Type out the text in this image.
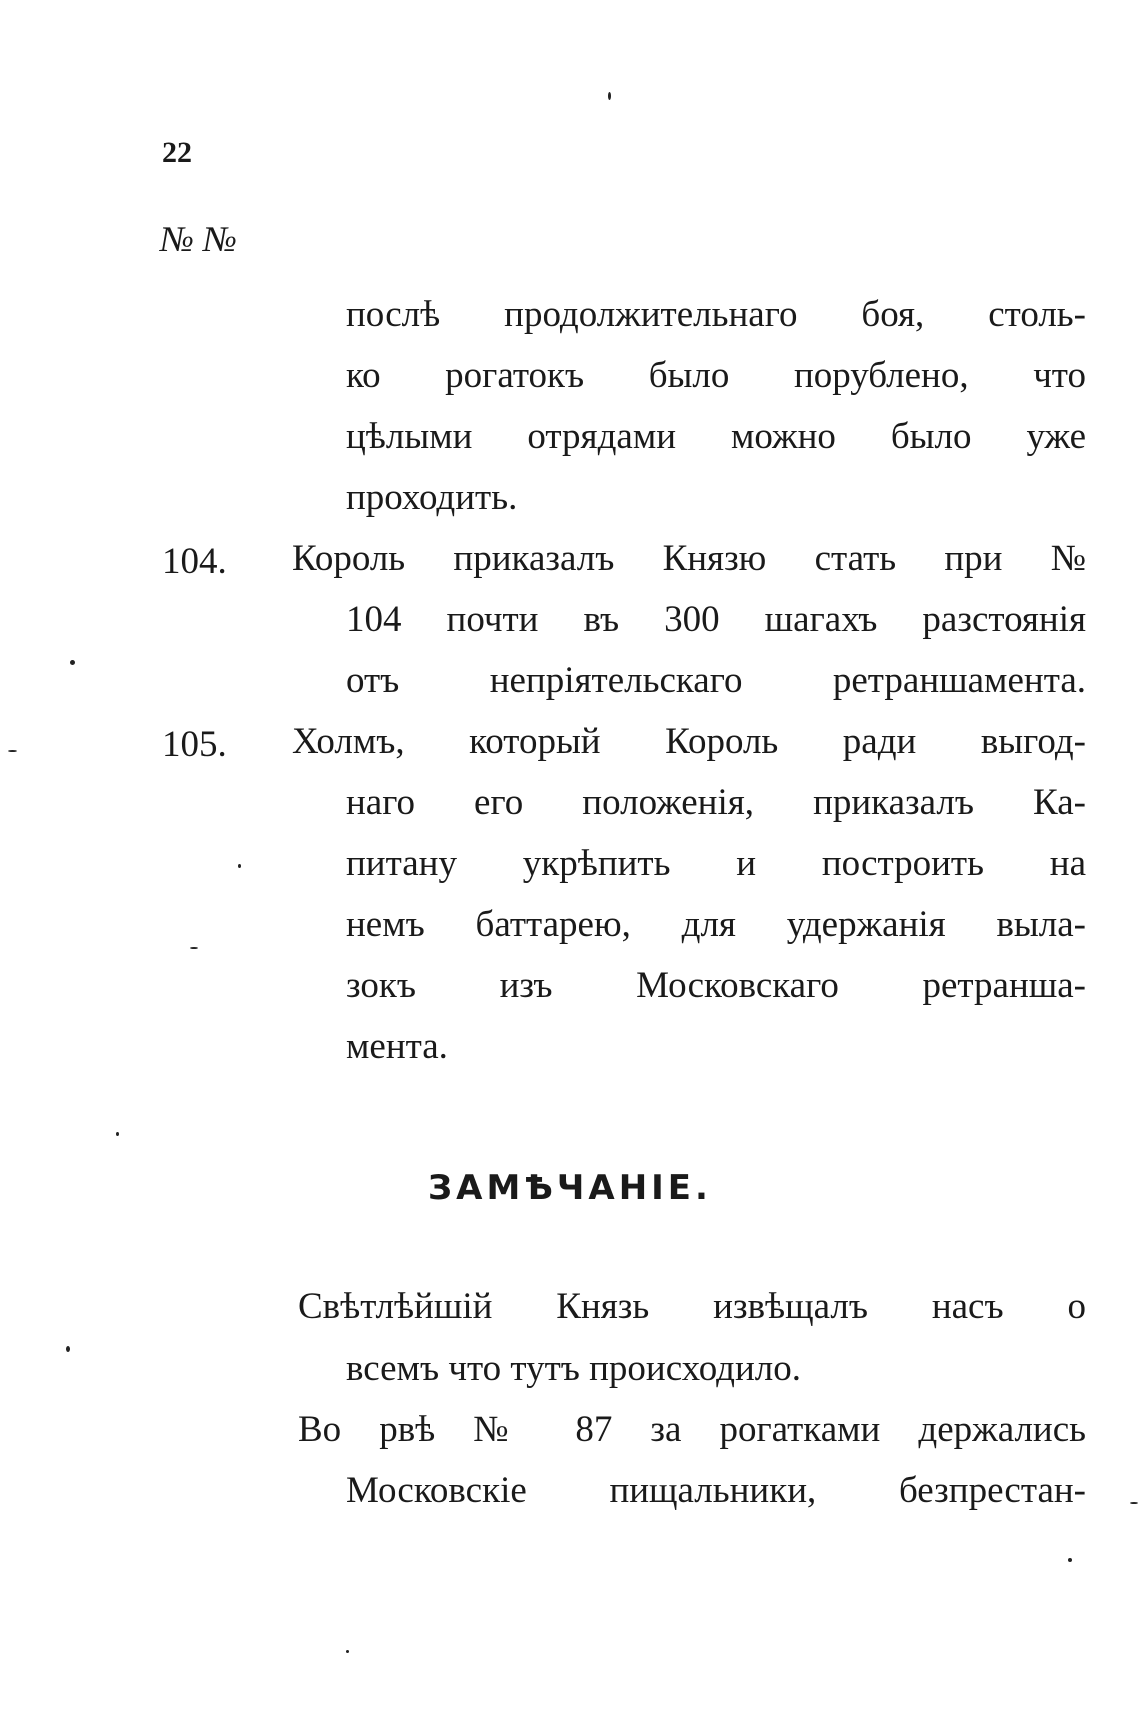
22
№ №
послѣ продолжительнаго боя, столь-
ко рогатокъ было порублено, что
цѣлыми отрядами можно было уже
проходить.
104. Король приказалъ Князю стать при №
104 почти въ 300 шагахъ разстоянія
отъ непріятельскаго ретраншамента.
105. Холмъ, который Король ради выгод-
наго его положенія, приказалъ Ка-
питану укрѣпить и построить на
немъ баттарею, для удержанія выла-
зокъ изъ Московскаго ретранша-
мента.
ЗАМѢЧАНІЕ.
Свѣтлѣйшій Князь извѣщалъ насъ о
всемъ что тутъ происходило.
Во рвѣ № 87 за рогатками держались
Московскіе пищальники, безпрестан-
